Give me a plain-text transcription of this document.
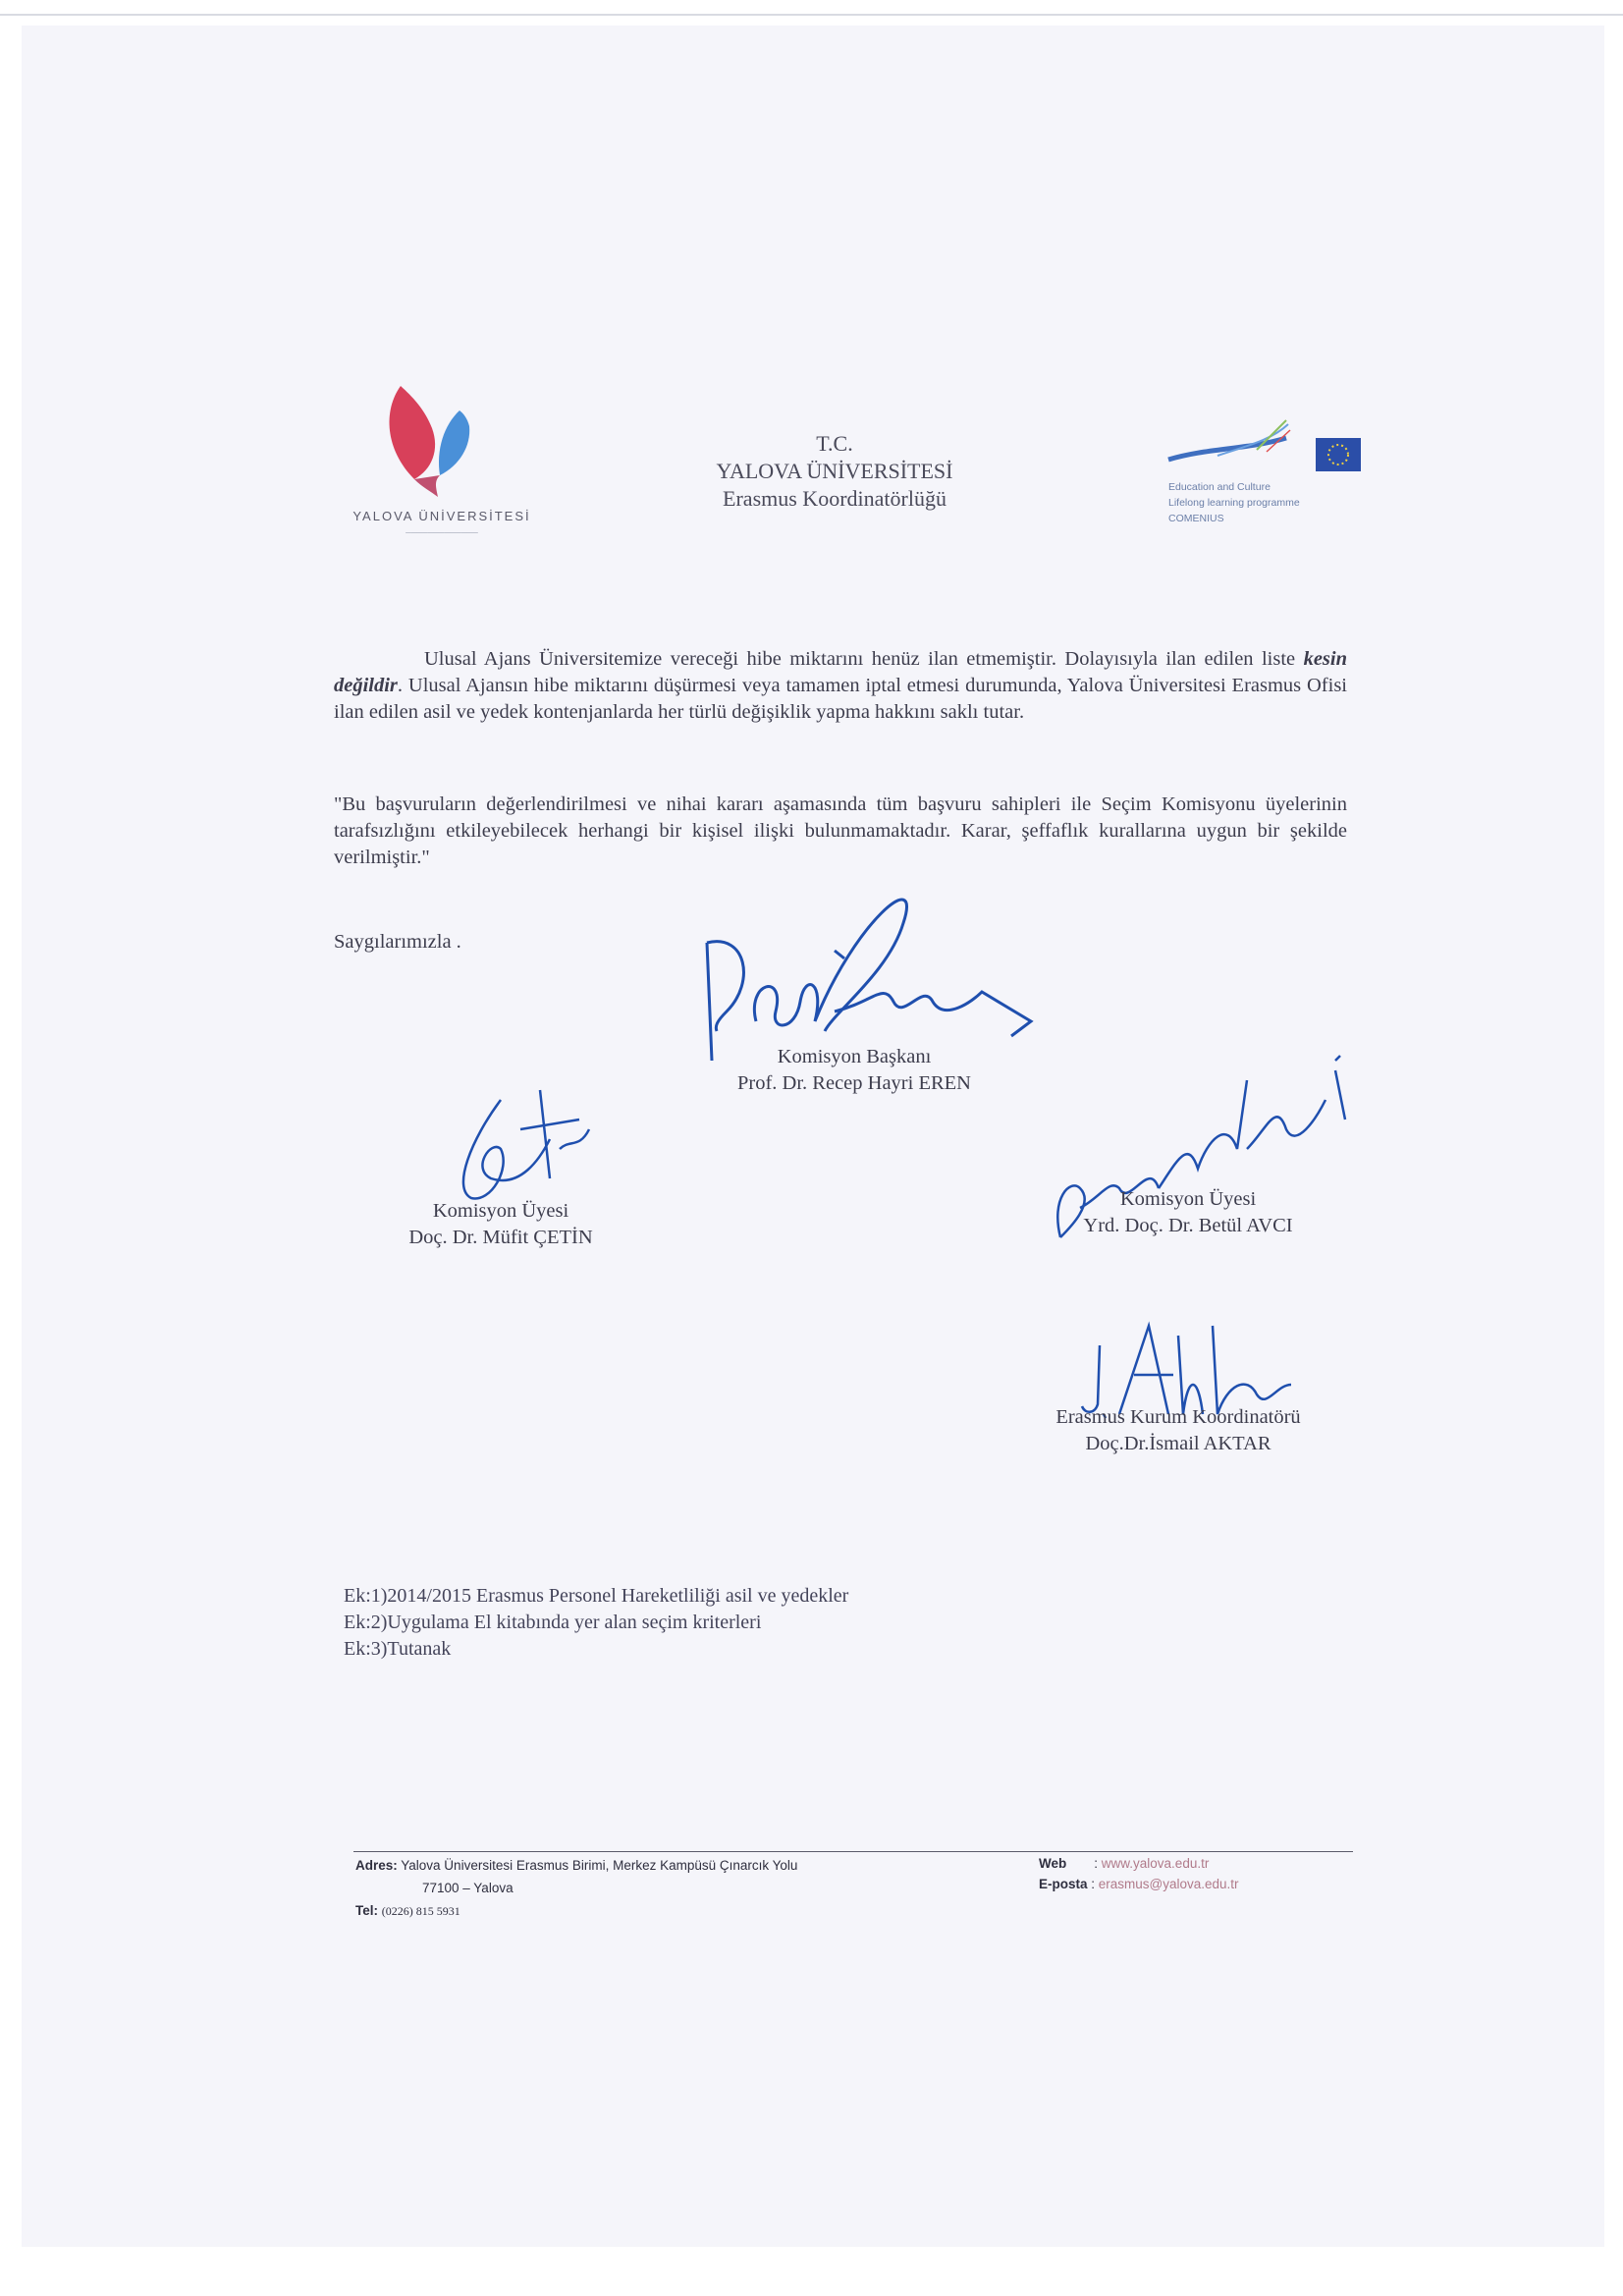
YALOVA ÜNİVERSİTESİ
─────────────
T.C.
YALOVA ÜNİVERSİTESİ
Erasmus Koordinatörlüğü	Education and Culture
Lifelong learning programme
COMENIUS
Ulusal Ajans Üniversitemize vereceği hibe miktarını henüz ilan etmemiştir. Dolayısıyla ilan edilen liste kesin değildir. Ulusal Ajansın hibe miktarını düşürmesi veya tamamen iptal etmesi durumunda, Yalova Üniversitesi Erasmus Ofisi ilan edilen asil ve yedek kontenjanlarda her türlü değişiklik yapma hakkını saklı tutar.
"Bu başvuruların değerlendirilmesi ve nihai kararı aşamasında tüm başvuru sahipleri ile Seçim Komisyonu üyelerinin tarafsızlığını etkileyebilecek herhangi bir kişisel ilişki bulunmamaktadır. Karar, şeffaflık kurallarına uygun bir şekilde verilmiştir."
Saygılarımızla .
Komisyon Başkanı
Prof. Dr. Recep Hayri EREN
Komisyon Üyesi
Doç. Dr. Müfit ÇETİN
Komisyon Üyesi
Yrd. Doç. Dr. Betül AVCI
Erasmus Kurum Koordinatörü
Doç.Dr.İsmail AKTAR
Ek:1)2014/2015 Erasmus Personel Hareketliliği asil ve yedekler
Ek:2)Uygulama El kitabında yer alan seçim kriterleri
Ek:3)Tutanak
Adres: Yalova Üniversitesi Erasmus Birimi, Merkez Kampüsü Çınarcık Yolu
77100 – Yalova
Tel: (0226) 815 5931
Web : www.yalova.edu.tr
E-posta : erasmus@yalova.edu.tr
